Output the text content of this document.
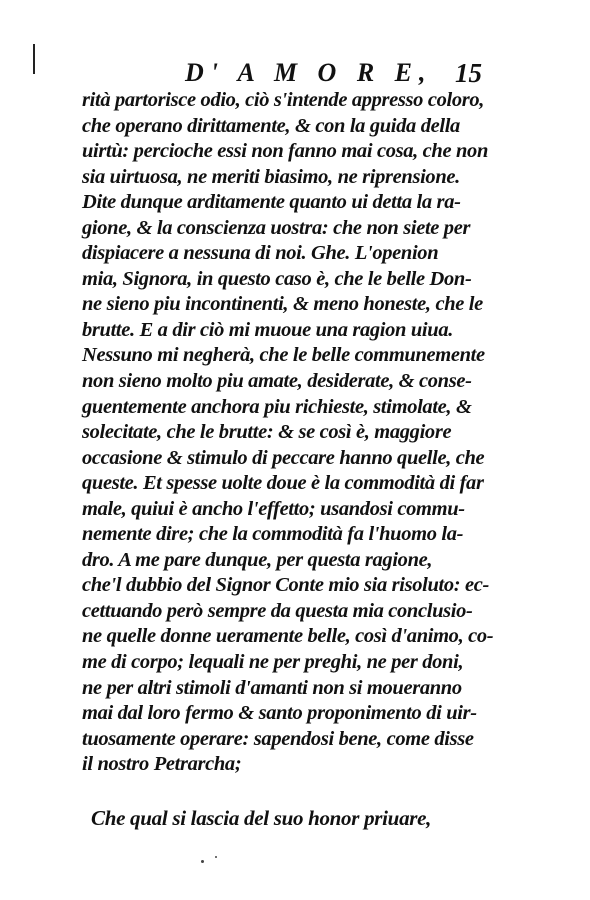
D' A M O R E, 15
rità partorisce odio, ciò s'intende appresso coloro,
che operano dirittamente, & con la guida della
uirtù: percioche essi non fanno mai cosa, che non
sia uirtuosa, ne meriti biasimo, ne riprensione.
Dite dunque arditamente quanto ui detta la ra-
gione, & la conscienza uostra: che non siete per
dispiacere a nessuna di noi. Ghe. L'openion
mia, Signora, in questo caso è, che le belle Don-
ne sieno piu incontinenti, & meno honeste, che le
brutte. E a dir ciò mi muoue una ragion uiua.
Nessuno mi negherà, che le belle communemente
non sieno molto piu amate, desiderate, & conse-
guentemente anchora piu richieste, stimolate, &
solecitate, che le brutte: & se così è, maggiore
occasione & stimulo di peccare hanno quelle, che
queste. Et spesse uolte doue è la commodità di far
male, quiui è ancho l'effetto; usandosi commu-
nemente dire; che la commodità fa l'huomo la-
dro. A me pare dunque, per questa ragione,
che'l dubbio del Signor Conte mio sia risoluto: ec-
cettuando però sempre da questa mia conclusio-
ne quelle donne ueramente belle, così d'animo, co-
me di corpo; lequali ne per preghi, ne per doni,
ne per altri stimoli d'amanti non si moueranno
mai dal loro fermo & santo proponimento di uir-
tuosamente operare: sapendosi bene, come disse
il nostro Petrarcha;
Che qual si lascia del suo honor priuare,
